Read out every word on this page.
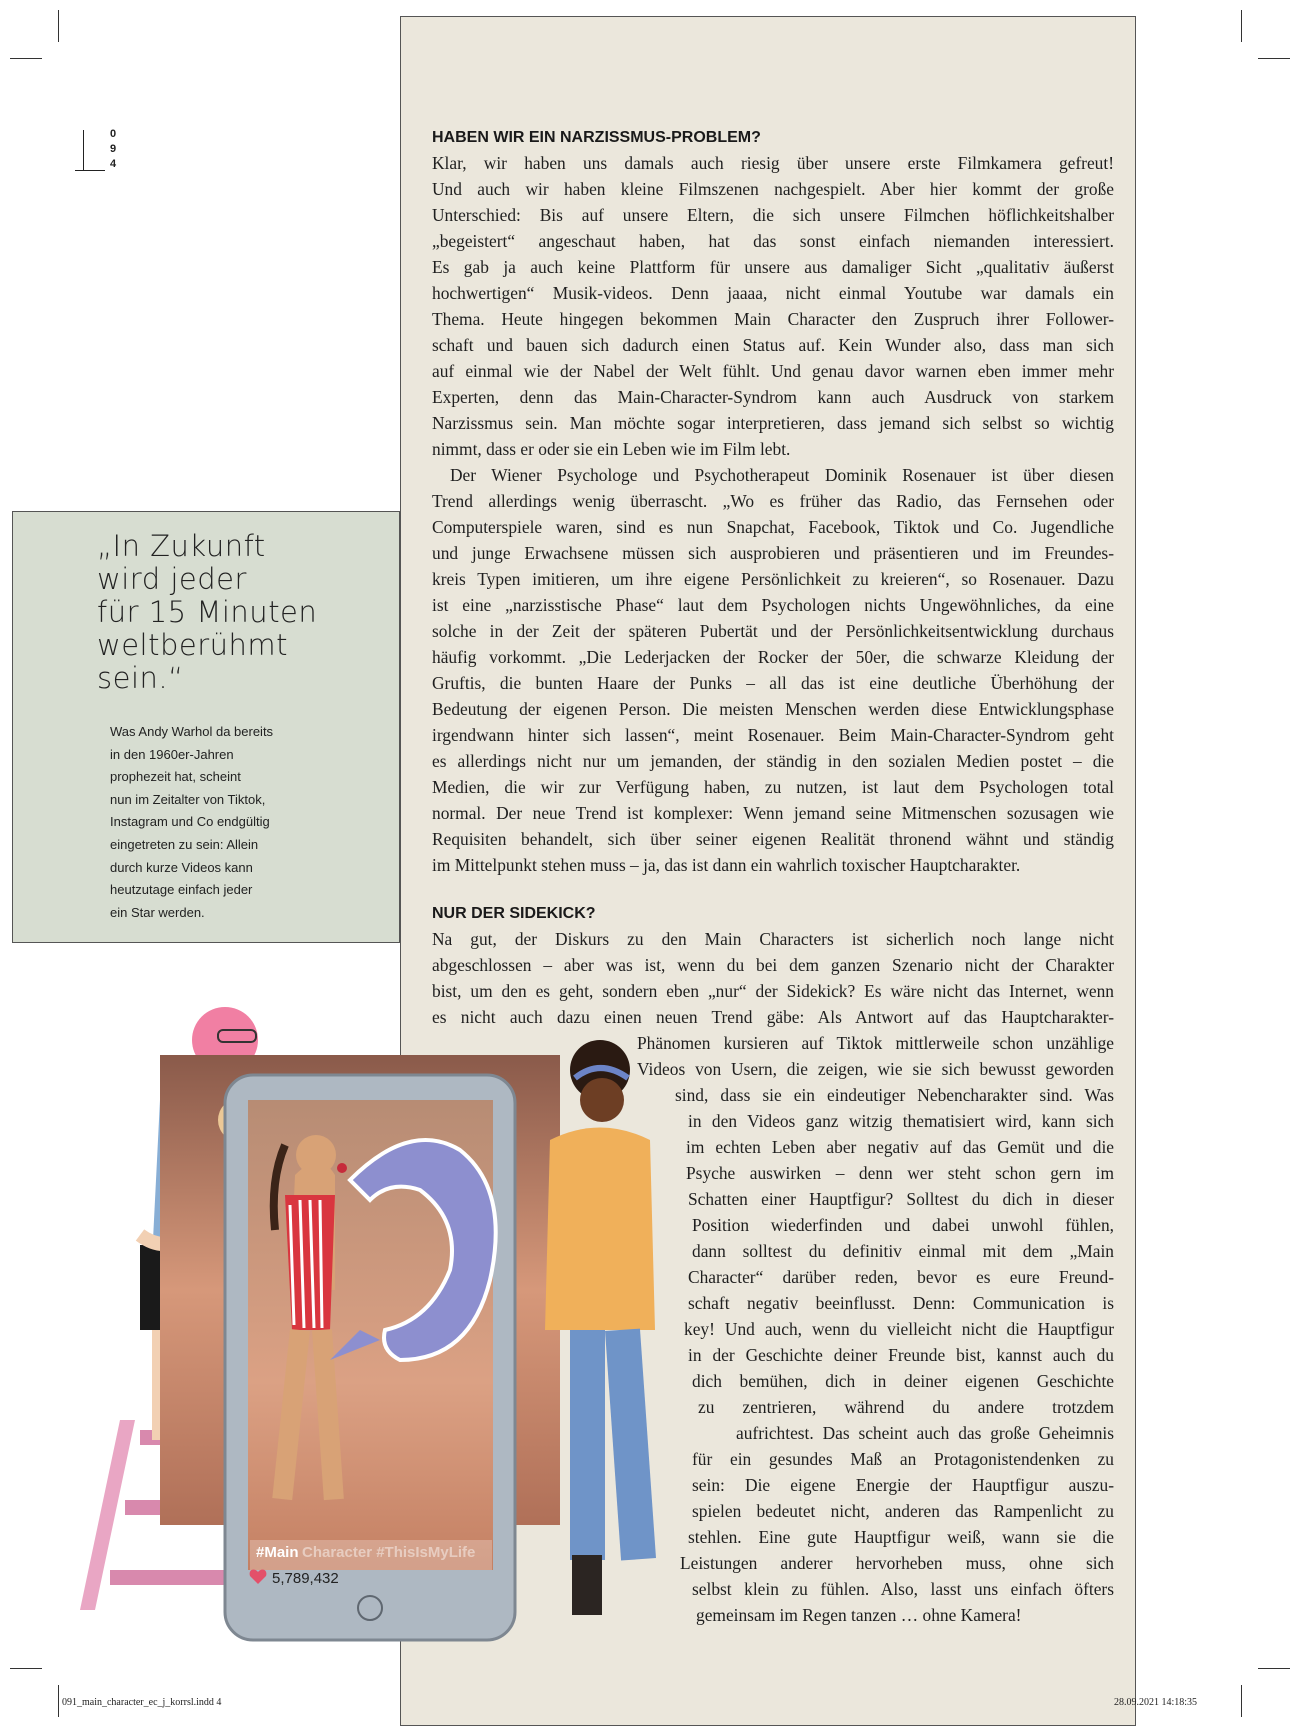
0
9
4
„In Zukunft
wird jeder
für 15 Minuten
weltberühmt
sein.“
Was Andy Warhol da bereits
in den 1960er-Jahren
prophezeit hat, scheint
nun im Zeitalter von Tiktok,
Instagram und Co endgültig
eingetreten zu sein: Allein
durch kurze Videos kann
heutzutage einfach jeder
ein Star werden.
HABEN WIR EIN NARZISSMUS-PROBLEM?
Klar, wir haben uns damals auch riesig über unsere erste Filmkamera gefreut!
Und auch wir haben kleine Filmszenen nachgespielt. Aber hier kommt der große
Unterschied: Bis auf unsere Eltern, die sich unsere Filmchen höflichkeitshalber
„begeistert“ angeschaut haben, hat das sonst einfach niemanden interessiert.
Es gab ja auch keine Plattform für unsere aus damaliger Sicht „qualitativ äußerst
hochwertigen“ Musik-videos. Denn jaaaa, nicht einmal Youtube war damals ein
Thema. Heute hingegen bekommen Main Character den Zuspruch ihrer Follower-
schaft und bauen sich dadurch einen Status auf. Kein Wunder also, dass man sich
auf einmal wie der Nabel der Welt fühlt. Und genau davor warnen eben immer mehr
Experten, denn das Main-Character-Syndrom kann auch Ausdruck von starkem
Narzissmus sein. Man möchte sogar interpretieren, dass jemand sich selbst so wichtig
nimmt, dass er oder sie ein Leben wie im Film lebt.
Der Wiener Psychologe und Psychotherapeut Dominik Rosenauer ist über diesen
Trend allerdings wenig überrascht. „Wo es früher das Radio, das Fernsehen oder
Computerspiele waren, sind es nun Snapchat, Facebook, Tiktok und Co. Jugendliche
und junge Erwachsene müssen sich ausprobieren und präsentieren und im Freundes-
kreis Typen imitieren, um ihre eigene Persönlichkeit zu kreieren“, so Rosenauer. Dazu
ist eine „narzisstische Phase“ laut dem Psychologen nichts Ungewöhnliches, da eine
solche in der Zeit der späteren Pubertät und der Persönlichkeitsentwicklung durchaus
häufig vorkommt. „Die Lederjacken der Rocker der 50er, die schwarze Kleidung der
Gruftis, die bunten Haare der Punks – all das ist eine deutliche Überhöhung der
Bedeutung der eigenen Person. Die meisten Menschen werden diese Entwicklungsphase
irgendwann hinter sich lassen“, meint Rosenauer. Beim Main-Character-Syndrom geht
es allerdings nicht nur um jemanden, der ständig in den sozialen Medien postet – die
Medien, die wir zur Verfügung haben, zu nutzen, ist laut dem Psychologen total
normal. Der neue Trend ist komplexer: Wenn jemand seine Mitmenschen sozusagen wie
Requisiten behandelt, sich über seiner eigenen Realität thronend wähnt und ständig
im Mittelpunkt stehen muss – ja, das ist dann ein wahrlich toxischer Hauptcharakter.
NUR DER SIDEKICK?
Na gut, der Diskurs zu den Main Characters ist sicherlich noch lange nicht
abgeschlossen – aber was ist, wenn du bei dem ganzen Szenario nicht der Charakter
bist, um den es geht, sondern eben „nur“ der Sidekick? Es wäre nicht das Internet, wenn
es nicht auch dazu einen neuen Trend gäbe: Als Antwort auf das Hauptcharakter-
Phänomen kursieren auf Tiktok mittlerweile schon unzählige
Videos von Usern, die zeigen, wie sie sich bewusst geworden
sind, dass sie ein eindeutiger Nebencharakter sind. Was
in den Videos ganz witzig thematisiert wird, kann sich
im echten Leben aber negativ auf das Gemüt und die
Psyche auswirken – denn wer steht schon gern im
Schatten einer Hauptfigur? Solltest du dich in dieser
Position wiederfinden und dabei unwohl fühlen,
dann solltest du definitiv einmal mit dem „Main
Character“ darüber reden, bevor es eure Freund-
schaft negativ beeinflusst. Denn: Communication is
key! Und auch, wenn du vielleicht nicht die Hauptfigur
in der Geschichte deiner Freunde bist, kannst auch du
dich bemühen, dich in deiner eigenen Geschichte
zu zentrieren, während du andere trotzdem
aufrichtest. Das scheint auch das große Geheimnis
für ein gesundes Maß an Protagonistendenken zu
sein: Die eigene Energie der Hauptfigur auszu-
spielen bedeutet nicht, anderen das Rampenlicht zu
stehlen. Eine gute Hauptfigur weiß, wann sie die
Leistungen anderer hervorheben muss, ohne sich
selbst klein zu fühlen. Also, lasst uns einfach öfters
gemeinsam im Regen tanzen … ohne Kamera!
#Main Character #ThisIsMyLife
5,789,432
091_main_character_ec_j_korrsl.indd 4	28.09.2021 14:18:35
